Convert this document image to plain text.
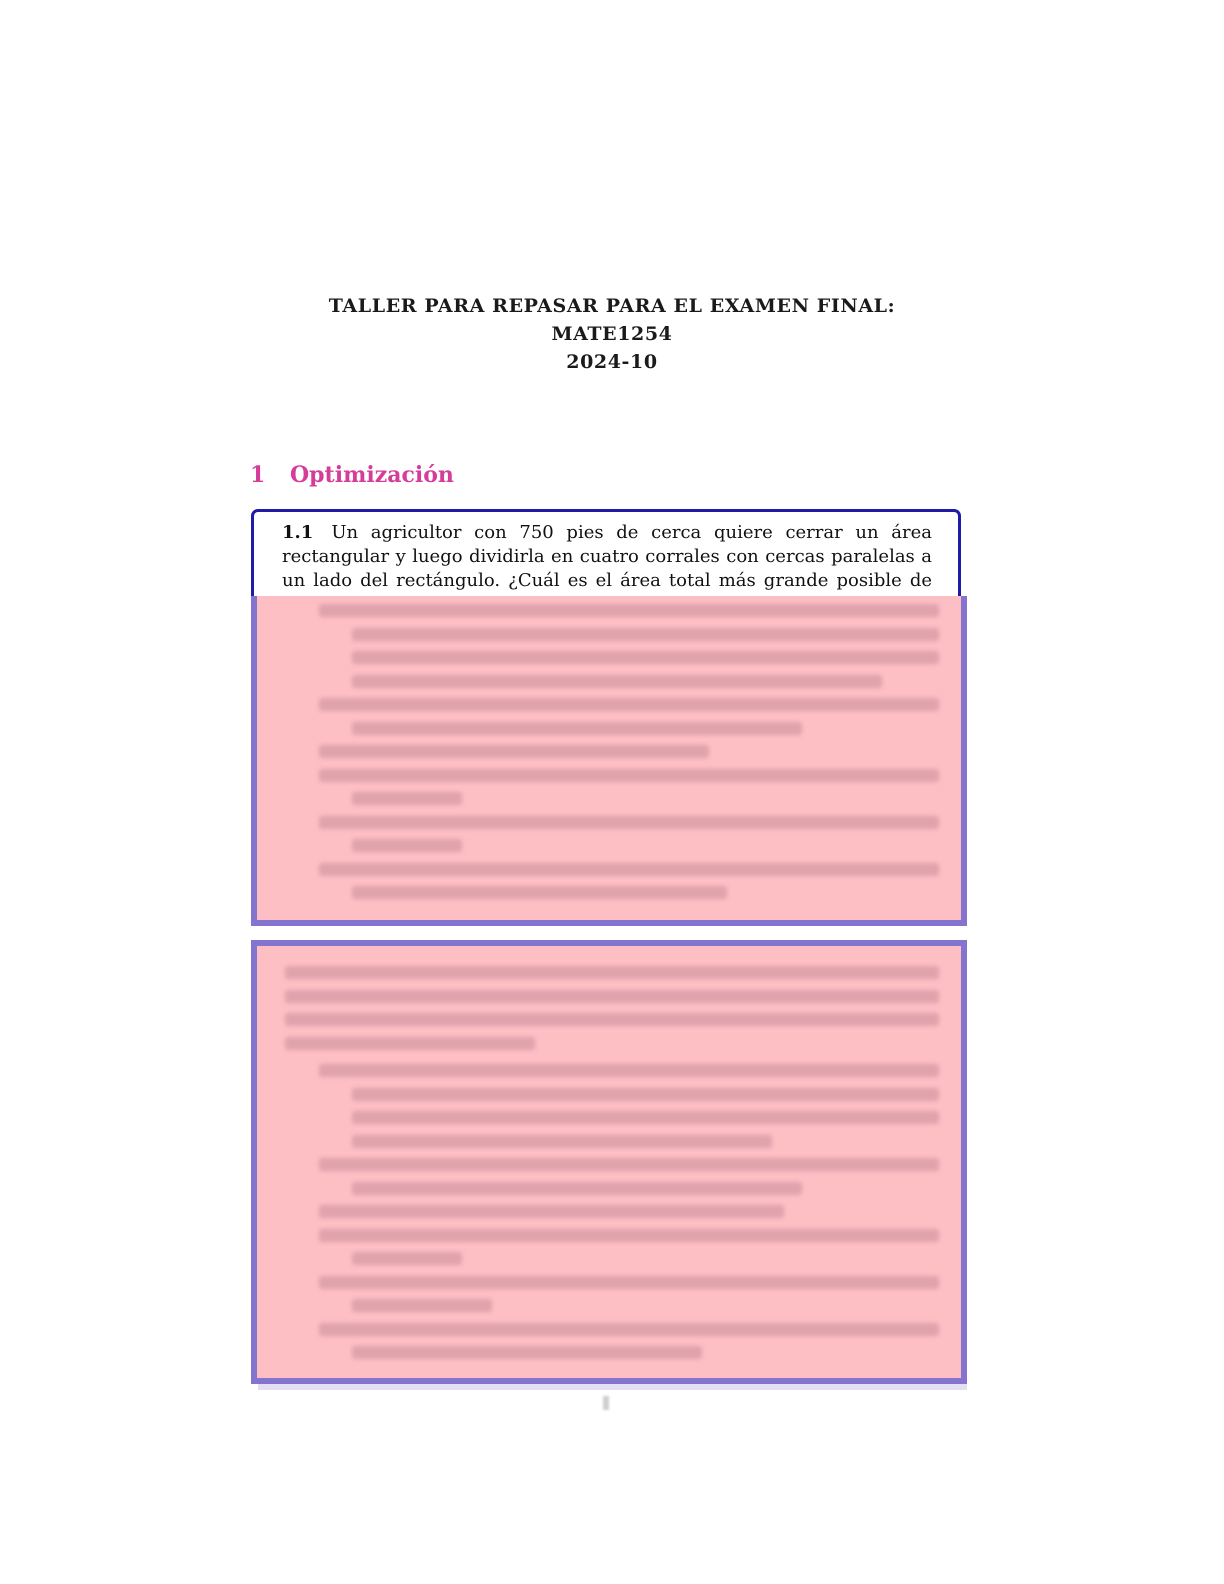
TALLER PARA REPASAR PARA EL EXAMEN FINAL:
MATE1254
2024-10
1 Optimización
1.1 Un agricultor con 750 pies de cerca quiere cerrar un área rectangular y luego dividirla en cuatro corrales con cercas paralelas a un lado del rectángulo. ¿Cuál es el área total más grande posible de
